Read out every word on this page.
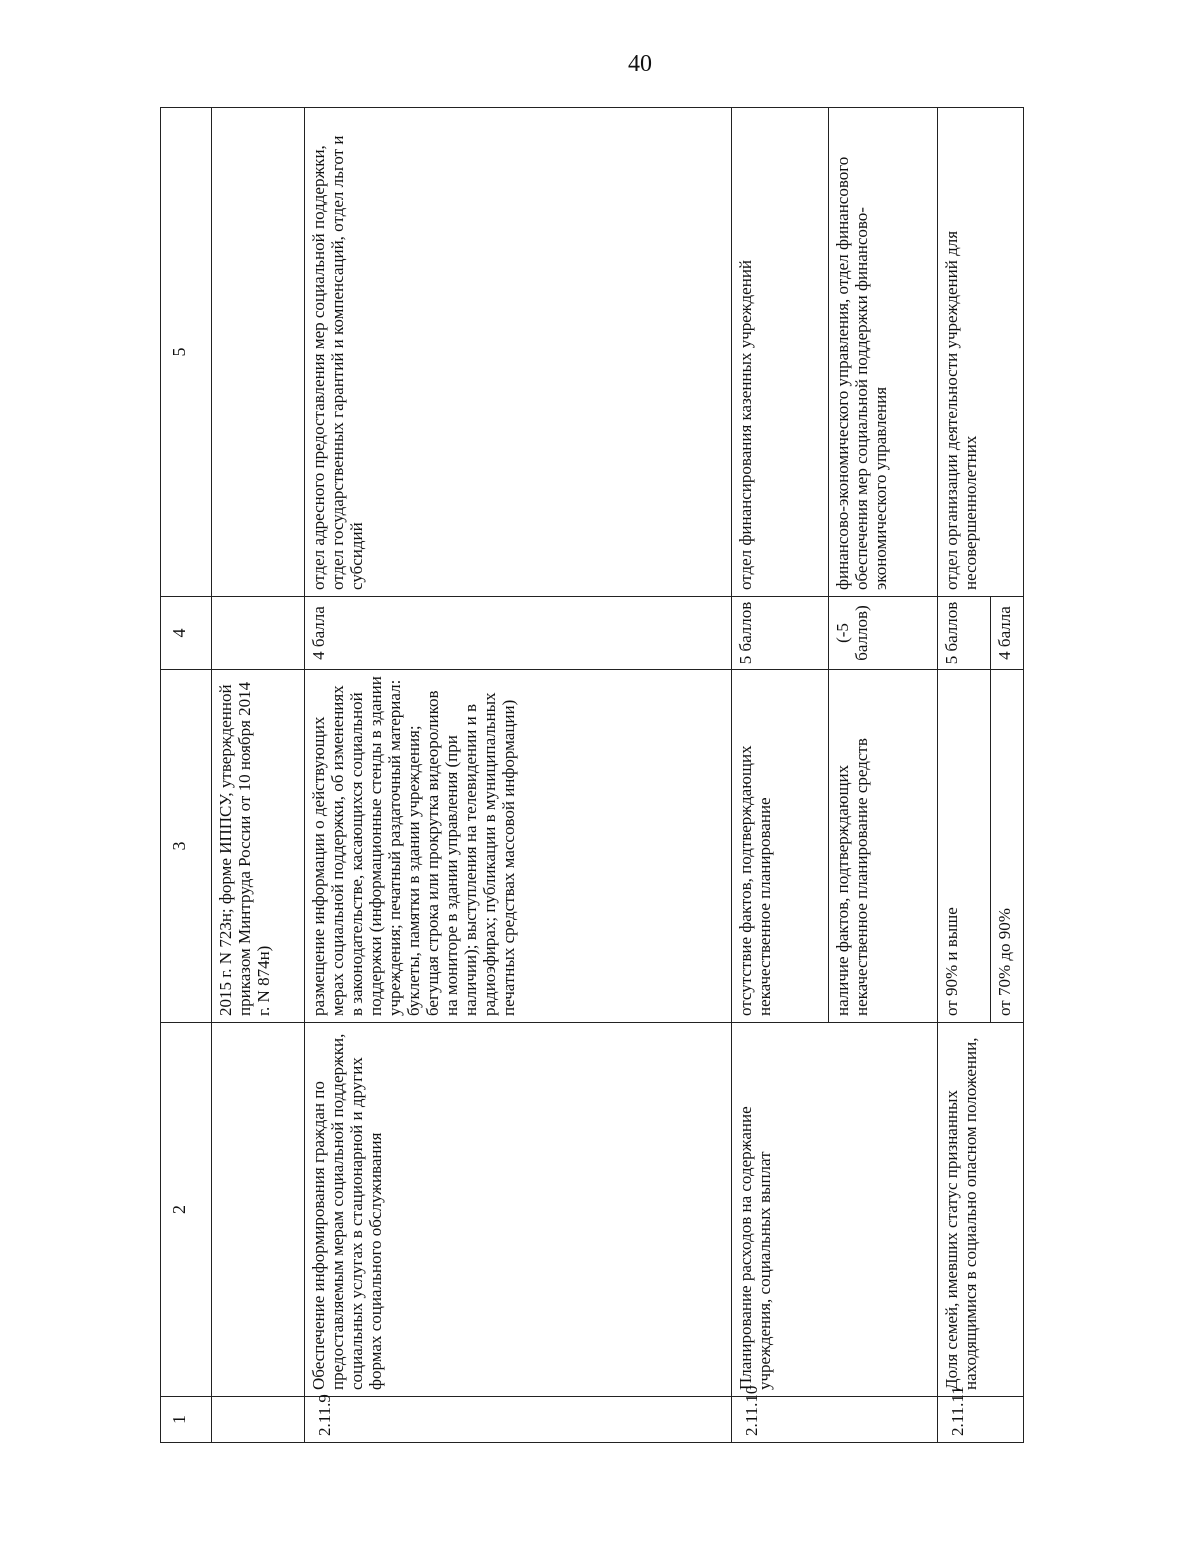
40
1	2	3	4	5
		2015 г. N 723н; форме ИППСУ, утвержденной приказом Минтруда России от 10 ноября 2014 г. N 874н)		
2.11.9	Обеспечение информирования граждан по предоставляемым мерам социальной поддержки, социальных услугах в стационарной и других формах социального обслуживания	размещение информации о действующих мерах социальной поддержки, об изменениях в законодательстве, касающихся социальной поддержки (информационные стенды в здании учреждения; печатный раздаточный материал: буклеты, памятки в здании учреждения; бегущая строка или прокрутка видеороликов на мониторе в здании управления (при наличии); выступления на телевидении и в радиоэфирах; публикации в муниципальных печатных средствах массовой информации)	4 балла	отдел адресного предоставления мер социальной поддержки, отдел государственных гарантий и компенсаций, отдел льгот и субсидий
2.11.10	Планирование расходов на содержание учреждения, социальных выплат	отсутствие фактов, подтверждающих некачественное планирование	5 баллов	отдел финансирования казенных учреждений
		наличие фактов, подтверждающих некачественное планирование средств	(-5 баллов)	финансово-экономического управления, отдел финансового обеспечения мер социальной поддержки финансово-экономического управления
2.11.11	Доля семей, имевших статус признанных находящимися в социально опасном положении,	от 90% и выше	5 баллов	отдел организации деятельности учреждений для несовершеннолетних
		от 70% до 90%	4 балла	
